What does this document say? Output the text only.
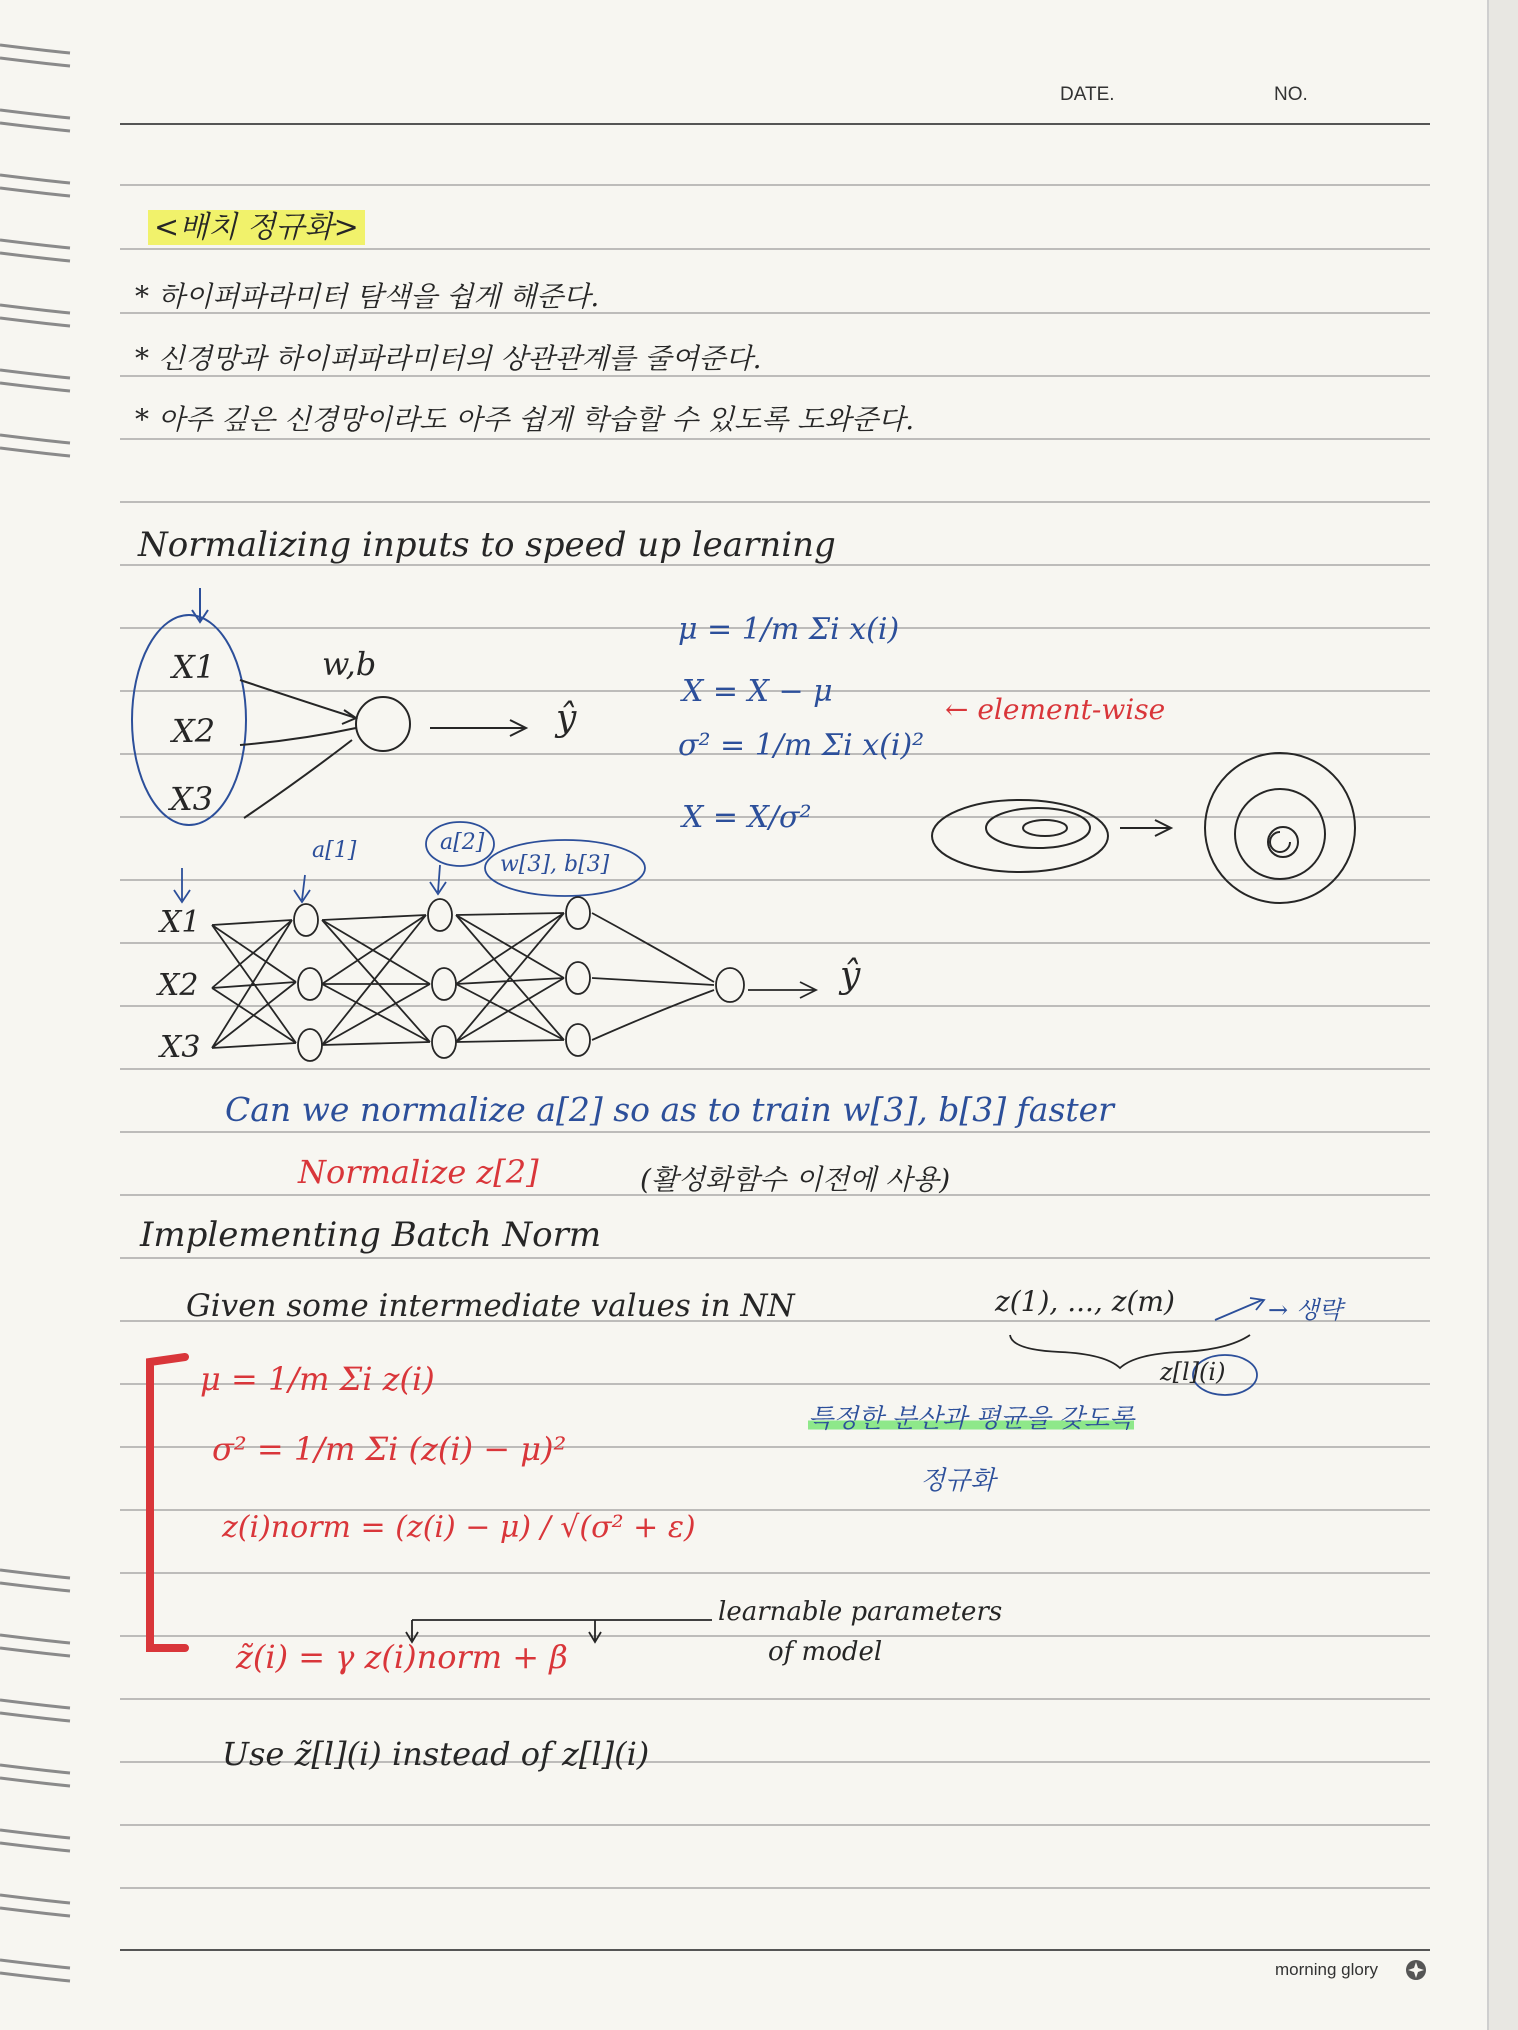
DATE.	NO.
<배치 정규화>
* 하이퍼파라미터 탐색을 쉽게 해준다.
* 신경망과 하이퍼파라미터의 상관관계를 줄여준다.
* 아주 깊은 신경망이라도 아주 쉽게 학습할 수 있도록 도와준다.
Normalizing inputs to speed up learning
X1
X2
X3
w,b
ŷ
μ = 1/m Σi x(i)
X = X − μ
σ² = 1/m Σi x(i)²
X = X/σ²
← element-wise
X1
X2
X3
a[1]	a[2]
w[3], b[3]
ŷ
Can we normalize a[2] so as to train w[3], b[3] faster
Normalize z[2]	(활성화함수 이전에 사용)
Implementing Batch Norm
Given some intermediate values in NN	z(1), ..., z(m)	→ 생략
z[l](i)
μ = 1/m Σi z(i)
σ² = 1/m Σi (z(i) − μ)²
z(i)norm = (z(i) − μ) / √(σ² + ε)
z̃(i) = γ z(i)norm + β
특정한 분산과 평균을 갖도록
정규화
learnable parameters
of model
Use z̃[l](i) instead of z[l](i)
morning glory
